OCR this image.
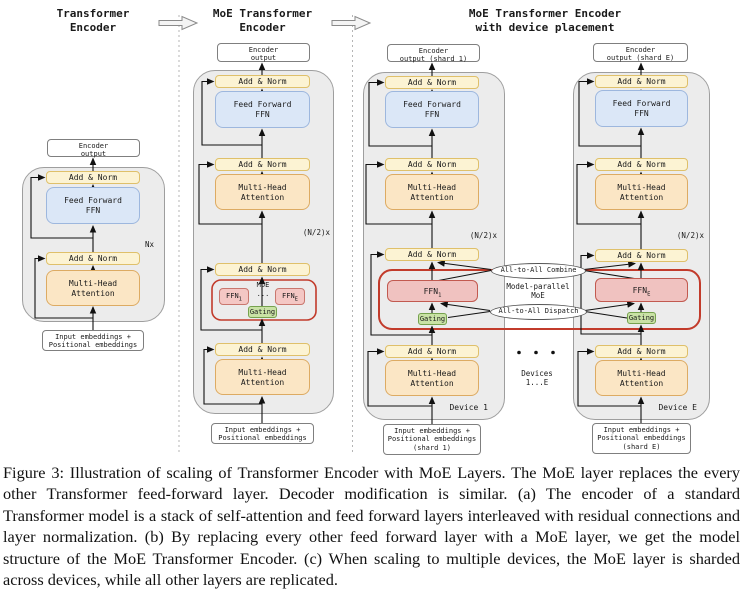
Transformer
Encoder
MoE Transformer
Encoder
MoE Transformer Encoder
with device placement
Encoder
output
Add & Norm
Feed Forward
FFN
Add & Norm
Multi-Head
Attention
Nx
Input embeddings +
Positional embeddings
Encoder
output
Add & Norm
Feed Forward
FFN
Add & Norm
Multi-Head
Attention
(N/2)x
Add & Norm
MoE
$FFN_1$
...	$FFN_E$
Gating
Add & Norm
Multi-Head
Attention
Input embeddings +
Positional embeddings
Encoder
output (shard 1)
Add & Norm
Feed Forward
FFN
Add & Norm
Multi-Head
Attention
(N/2)x
Add & Norm
$FFN_1$
Gating
Add & Norm
Multi-Head
Attention
Device 1
Input embeddings +
Positional embeddings
(shard 1)
All-to-All Combine
Model-parallel
MoE
All-to-All Dispatch
Devices
1...E
Encoder
output (shard E)
Add & Norm
Feed Forward
FFN
Add & Norm
Multi-Head
Attention
(N/2)x
Add & Norm
$FFN_E$
Gating
Add & Norm
Multi-Head
Attention
Device E
Input embeddings +
Positional embeddings
(shard E)
Figure 3: Illustration of scaling of Transformer Encoder with MoE Layers. The MoE layer replaces the every other Transformer feed-forward layer. Decoder modification is similar. (a) The encoder of a standard Transformer model is a stack of self-attention and feed forward layers interleaved with residual connections and layer normalization. (b) By replacing every other feed forward layer with a MoE layer, we get the model structure of the MoE Transformer Encoder. (c) When scaling to multiple devices, the MoE layer is sharded across devices, while all other layers are replicated.
